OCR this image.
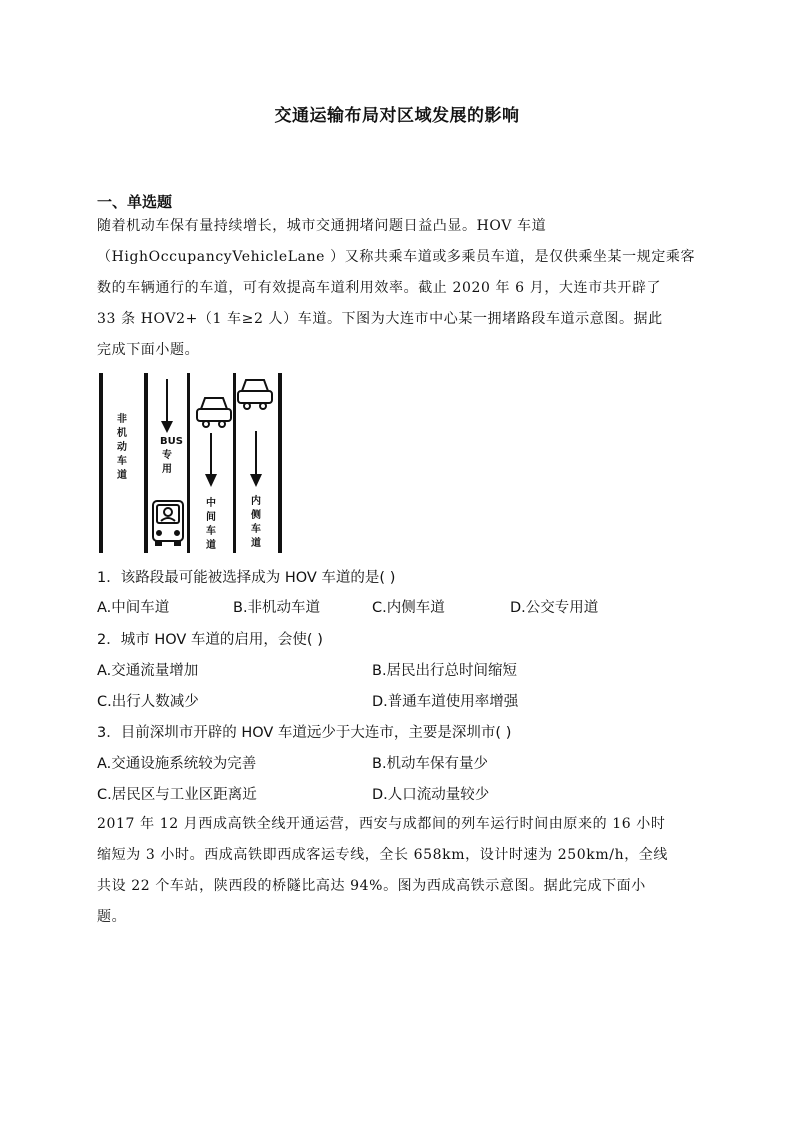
交通运输布局对区域发展的影响
一、单选题
随着机动车保有量持续增长，城市交通拥堵问题日益凸显。HOV 车道
（HighOccupancyVehicleLane ）又称共乘车道或多乘员车道，是仅供乘坐某一规定乘客
数的车辆通行的车道，可有效提高车道利用效率。截止 2020 年 6 月，大连市共开辟了
33 条 HOV2+（1 车≥2 人）车道。下图为大连市中心某一拥堵路段车道示意图。据此
完成下面小题。
非机动车道
BUS专用
中间车道
内侧车道
1．该路段最可能被选择成为 HOV 车道的是( )
A.中间车道	B.非机动车道	C.内侧车道	D.公交专用道
2．城市 HOV 车道的启用，会使( )
A.交通流量增加	B.居民出行总时间缩短
C.出行人数减少	D.普通车道使用率增强
3．目前深圳市开辟的 HOV 车道远少于大连市，主要是深圳市( )
A.交通设施系统较为完善	B.机动车保有量少
C.居民区与工业区距离近	D.人口流动量较少
2017 年 12 月西成高铁全线开通运营，西安与成都间的列车运行时间由原来的 16 小时
缩短为 3 小时。西成高铁即西成客运专线，全长 658km，设计时速为 250km/h，全线
共设 22 个车站，陕西段的桥隧比高达 94%。图为西成高铁示意图。据此完成下面小
题。
